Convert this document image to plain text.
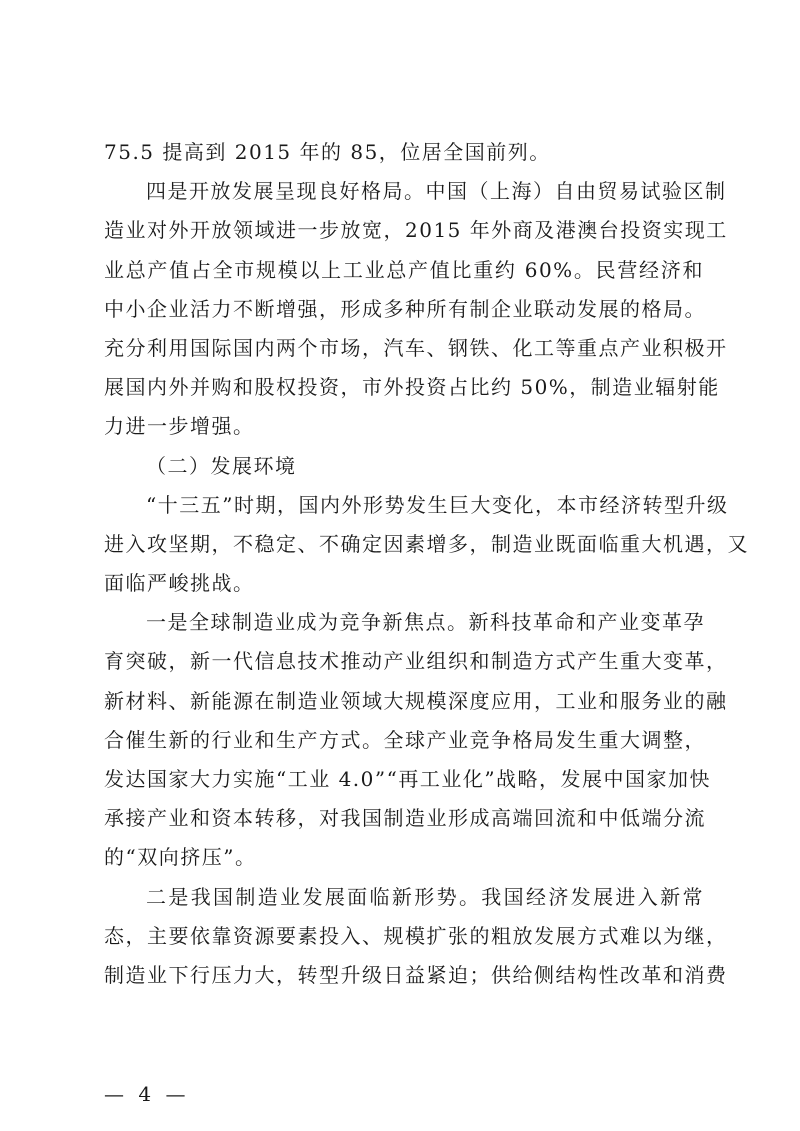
75.5 提高到 2015 年的 85，位居全国前列。
四是开放发展呈现良好格局。中国（上海）自由贸易试验区制
造业对外开放领域进一步放宽，2015 年外商及港澳台投资实现工
业总产值占全市规模以上工业总产值比重约 60%。民营经济和
中小企业活力不断增强，形成多种所有制企业联动发展的格局。
充分利用国际国内两个市场，汽车、钢铁、化工等重点产业积极开
展国内外并购和股权投资，市外投资占比约 50%，制造业辐射能
力进一步增强。
（二）发展环境
“十三五”时期，国内外形势发生巨大变化，本市经济转型升级
进入攻坚期，不稳定、不确定因素增多，制造业既面临重大机遇，又
面临严峻挑战。
一是全球制造业成为竞争新焦点。新科技革命和产业变革孕
育突破，新一代信息技术推动产业组织和制造方式产生重大变革，
新材料、新能源在制造业领域大规模深度应用，工业和服务业的融
合催生新的行业和生产方式。全球产业竞争格局发生重大调整，
发达国家大力实施“工业 4.0”“再工业化”战略，发展中国家加快
承接产业和资本转移，对我国制造业形成高端回流和中低端分流
的“双向挤压”。
二是我国制造业发展面临新形势。我国经济发展进入新常
态，主要依靠资源要素投入、规模扩张的粗放发展方式难以为继，
制造业下行压力大，转型升级日益紧迫；供给侧结构性改革和消费
— 4 —
